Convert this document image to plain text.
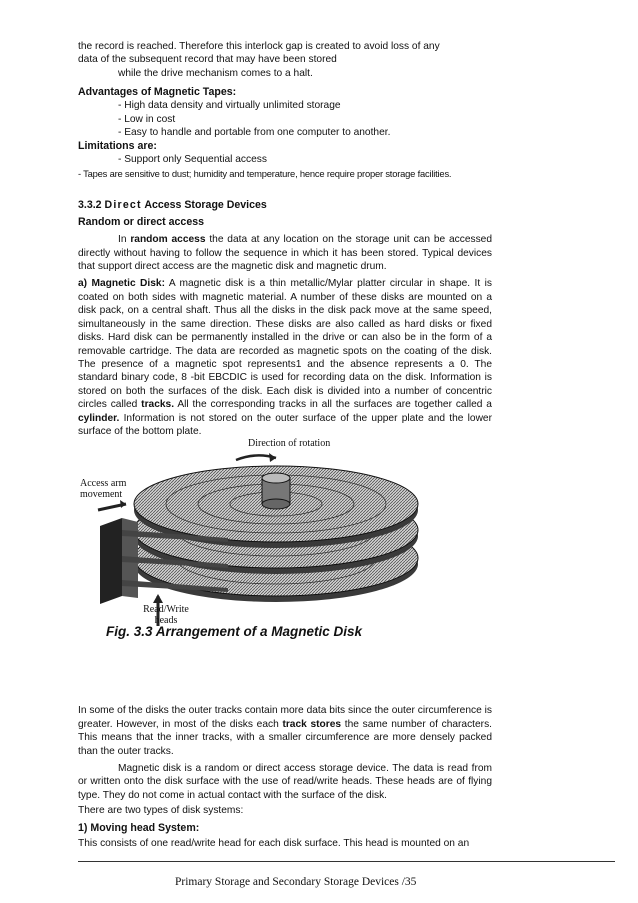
the record is reached. Therefore this interlock gap is created to avoid loss of any

data of the subsequent record that may have been stored

while the drive mechanism comes to a halt.

Advantages of Magnetic Tapes:

- High data density and virtually unlimited storage

- Low in cost

- Easy to handle and portable from one computer to another.

Limitations are:

- Support only Sequential access

- Tapes are sensitive to dust; humidity and temperature, hence require proper storage facilities.

3.3.2 Direct Access Storage Devices

Random or direct access

In random access the data at any location on the storage unit can be accessed directly without having to follow the sequence in which it has been stored. Typical devices that support direct access are the magnetic disk and magnetic drum.

a) Magnetic Disk: A magnetic disk is a thin metallic/Mylar platter circular in shape. It is coated on both sides with magnetic material. A number of these disks are mounted on a disk pack, on a central shaft. Thus all the disks in the disk pack move at the same speed, simultaneously in the same direction. These disks are also called as hard disks or fixed disks. Hard disk can be permanently installed in the drive or can also be in the form of a removable cartridge. The data are recorded as magnetic spots on the coating of the disk. The presence of a magnetic spot represents1 and the absence represents a 0. The standard binary code, 8 -bit EBCDIC is used for recording data on the disk. Information is stored on both the surfaces of the disk. Each disk is divided into a number of concentric circles called tracks. All the corresponding tracks in all the surfaces are together called a cylinder. Information is not stored on the outer surface of the upper plate and the lower surface of the bottom plate.

Direction of rotation
Access arm movement
Read/Write heads
Fig. 3.3 Arrangement of a Magnetic Disk

In some of the disks the outer tracks contain more data bits since the outer circumference is greater. However, in most of the disks each track stores the same number of characters. This means that the inner tracks, with a smaller circumference are more densely packed than the outer tracks.

Magnetic disk is a random or direct access storage device. The data is read from or written onto the disk surface with the use of read/write heads. These heads are of flying type. They do not come in actual contact with the surface of the disk.

There are two types of disk systems:

1) Moving head System:

This consists of one read/write head for each disk surface. This head is mounted on an

Primary Storage and Secondary Storage Devices /35
